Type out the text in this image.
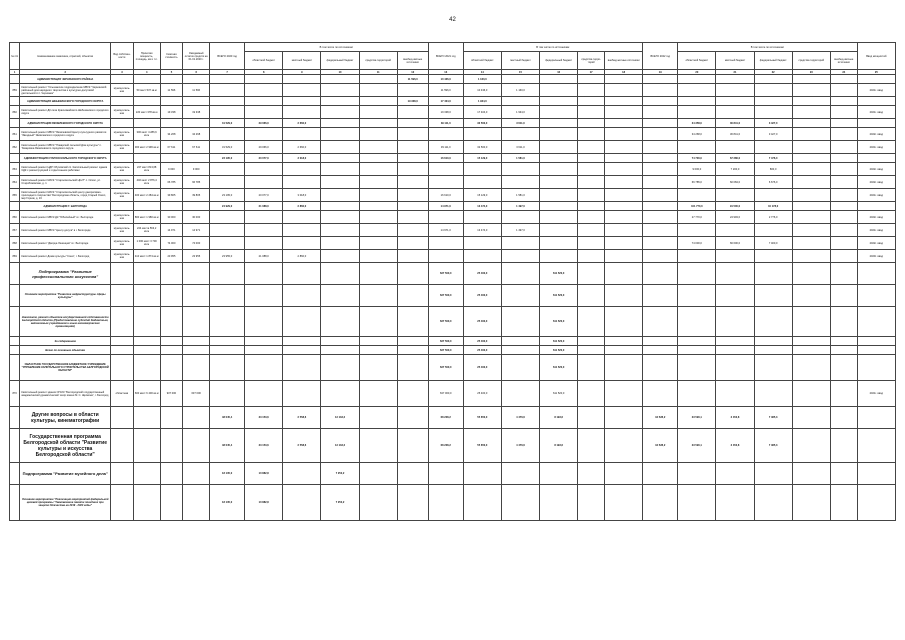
42
№ п/п	Наименование заказчика, отраслей, объектов	Вид собствен-ности	Принятая мощность, площадь, км и т.п.	Сметная стоимость	Ожидаемый остаток средств на 01.01.2020 г.	ВСЕГО 2020 год	В том числе по источникам:					ВСЕГО 2021 год	В том числе по источникам:					ВСЕГО 2022 год	В том числе по источникам:					Ввод мощностей
							областной бюджет	местный бюджет	федеральный бюджет	средства территорий	внебюд-жетные источники		областной бюджет	местный бюджет	федеральный бюджет	средства терри-торий	внебюд-жетные источники		областной бюджет	местный бюджет	федеральный бюджет	средства территорий	внебюд-жетные источники	
1	2	3	4	5	6	7	8	9	10	11	12	13	14	15	16	17	18	19	20	21	22	23	24	25
	АДМИНИСТРАЦИЯ ЧЕРНЯНСКОГО РАЙОНА										11 596,0	10 436,0	1 160,0											
859	Капитальный ремонт "Ольшанское подразделение МБУК "Чернянский районный дом народного творчества и культурно-досуговой деятельности п. Чернянка"	муници-паль-ная	50 мест 537 кв.м	11 596	11 596							11 596,0	10 436,0	1 160,0										2021г. ввод
	АДМИНИСТРАЦИЯ ШЕБЕКИНСКОГО ГОРОДСКОГО ОКРУГА										19 338,0	17 404,0	1 934,0											
860	Капитальный ремонт ДК села Красномайского Шебекинского городского округа	муници-паль-ная	220 мест 378 кв.м	19 338	19 338							19 338,0	17 404,0	1 934,0										2021г. ввод
	АДМИНИСТРАЦИЯ ЯКОВЛЕВСКОГО ГОРОДСКОГО ОКРУГА					31 529,0	29 066,0	2 660,0				39 111,0	32 500,0	3 611,0					34 358,0	30 841,0	3 427,0			
861	Капитальный ремонт МБУК "Яковлевский Центр культурного развития "Звездный" Яковлевского городского округа	муници-паль-ная	300 мест 4 286,6 кв.м	34 268	34 268														34 268,0	30 841,0	3 427,0			2022г. ввод
862	Капитальный ремонт МБУК "Поварский сельский Дом культуры" п. Томаровка Яковлевского городского округа	муници-паль-ная	300 мест 2 996 кв.м	67 611	67 611	31 529,0	29 066,0	2 660,0				39 111,0	32 500,0	3 611,0										2021г. ввод
	АДМИНИСТРАЦИЯ СТАРООСКОЛЬСКОГО ГОРОДСКОГО ОКРУГА					23 195,0	20 077,0	3 018,0				16 610,0	15 129,0	1 581,0					74 700,0	67 286,0	7 476,0			
863	Капитальный ремонт ЦДР Обуховский сп. Капитальный ремонт здания СДК с реконструкцией и отделочными работами	муници-паль-ная	247 мест 813,68 кв.м	9 000	9 000														9 000,0	7 200,0	800,0			2022г. ввод
864	Капитальный ремонт МАУК "Старооскольский ЦКиТ" с. Оскол, ул. Старобязовская, д. 1	муници-паль-ная	440 мест 2 876,4 кв.м	66 785	66 785														66 785,0	60 084,0	6 676,0			2022г. ввод
865	Капитальный ремонт МАУК "Старооскольский центр декоративно-прикладного творчества" Белгородская область, город Старый Оскол, мкр Горняк, д. 16	муници-паль-ная	400 мест 2 284 кв.м	39 805	39 805	23 195,0	20 077,0	3 018,0				16 610,0	15 129,0	1 581,0										2021г. ввод
	АДМИНИСТРАЦИЯ Г. БЕЛГОРОДА					24 929,0	21 088,0	2 860,0				14 971,0	13 474,0	1 497,0					101 770,0	91 500,0	10 178,0			
866	Капитальный ремонт МБУК ДК "Юбилейный" в г. Белгороде	муници-паль-ная	800 мест 1 980 кв.м	30 000	30 000														27 770,0	24 993,0	2 776,0			2022г. ввод
867	Капитальный ремонт МБУК "Центр досуга" в г. Белгороде	муници-паль-ная	244 места 563,2 кв.м	14 971	14 971							14 971,0	13 474,0	1 497,0										2021г. ввод
868	Капитальный ремонт "Дворца Ленинцев" в г. Белгороде	муници-паль-ная	1 000 мест 3 700 кв.м	74 000	74 000														74 000,0	66 600,0	7 400,0			2022г. ввод
869	Капитальный ремонт Дома культуры "Союз", г. Белгород	муници-паль-ная	410 мест 1 874 кв.м	23 955	23 955	23 955,0	21 088,0	2 860,0																2020г. ввод
	Подпрограмма "Развитие профессионального искусства"											637 500,0	25 400,0		611 520,0									
	Основное мероприятие "Развитие инфраструктуры сферы культуры"											637 500,0	25 400,0		611 520,0									
	Заказчиком, ремонт объектов государственной собственности Белгородской области (Предоставление субсидий бюджетным, автономным учреждениям и иным некоммерческим организациям)											637 500,0	25 400,0		611 520,0									
	За содержанием											637 500,0	25 400,0		611 520,0									
	Всего по основным объектам											637 500,0	25 400,0		611 520,0									
	ОБЛАСТНОЕ ГОСУДАРСТВЕННОЕ БЮДЖЕТНОЕ УЧРЕЖДЕНИЕ "УПРАВЛЕНИЕ КАПИТАЛЬНОГО СТРОИТЕЛЬСТВА БЕЛГОРОДСКОЙ ОБЛАСТИ"											637 500,0	25 400,0		611 520,0									
870	Капитальный ремонт здания ОГАУК "Белгородский государственный академический драматический театр имени М. С. Щепкина", г. Белгород	областная	600 мест 6 400 кв.м	937 000	637 000							637 000,0	25 400,0		611 520,0									2021г. ввод
	Другие вопросы в области культуры, кинематографии					48 045,4	33 153,6	2 558,6	13 133,2			68 228,2	55 650,0	4 476,6	8 193,6			34 528,2	23 590,1	3 452,8	7 485,3			
	Государственная программа Белгородской области "Развитие культуры и искусства Белгородской области"					48 045,4	33 153,6	2 558,6	13 133,2			68 228,2	55 650,0	4 476,6	8 193,6			34 528,2	23 590,1	3 452,8	7 485,3			
	Подпрограмма "Развитие музейного дела"					18 135,0	10 882,8		7 252,2															
	Основное мероприятие "Реализация мероприятий федеральной целевой программы "Увековечение памяти погибших при защите Отечества на 2019 - 2024 годы"					18 135,0	10 882,8		7 252,2															
